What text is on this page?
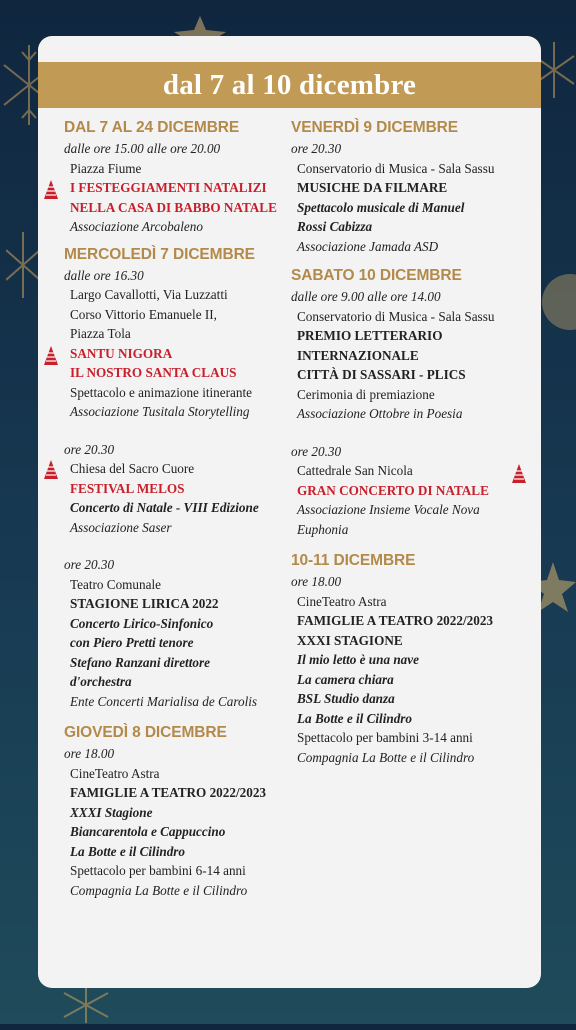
dal 7 al 10 dicembre
DAL 7 AL 24 DICEMBRE
dalle ore 15.00 alle ore 20.00
Piazza Fiume
I FESTEGGIAMENTI NATALIZI
NELLA CASA DI BABBO NATALE
Associazione Arcobaleno
MERCOLEDÌ 7 DICEMBRE
dalle ore 16.30
Largo Cavallotti, Via Luzzatti
Corso Vittorio Emanuele II,
Piazza Tola
SANTU NIGORA
IL NOSTRO SANTA CLAUS
Spettacolo e animazione itinerante
Associazione Tusitala Storytelling
ore 20.30
Chiesa del Sacro Cuore
FESTIVAL MELOS
Concerto di Natale - VIII Edizione
Associazione Saser
ore 20.30
Teatro Comunale
STAGIONE LIRICA 2022
Concerto Lirico-Sinfonico
con Piero Pretti tenore
Stefano Ranzani direttore
d'orchestra
Ente Concerti Marialisa de Carolis
GIOVEDÌ 8 DICEMBRE
ore 18.00
CineTeatro Astra
FAMIGLIE A TEATRO 2022/2023
XXXI Stagione
Biancarentola e Cappuccino
La Botte e il Cilindro
Spettacolo per bambini 6-14 anni
Compagnia La Botte e il Cilindro
VENERDÌ 9 DICEMBRE
ore 20.30
Conservatorio di Musica - Sala Sassu
MUSICHE DA FILMARE
Spettacolo musicale di Manuel
Rossi Cabizza
Associazione Jamada ASD
SABATO 10 DICEMBRE
dalle ore 9.00 alle ore 14.00
Conservatorio di Musica - Sala Sassu
PREMIO LETTERARIO
INTERNAZIONALE
CITTÀ DI SASSARI - PLICS
Cerimonia di premiazione
Associazione Ottobre in Poesia
ore 20.30
Cattedrale San Nicola
GRAN CONCERTO DI NATALE
Associazione Insieme Vocale Nova
Euphonia
10-11 DICEMBRE
ore 18.00
CineTeatro Astra
FAMIGLIE A TEATRO 2022/2023
XXXI STAGIONE
Il mio letto è una nave
La camera chiara
BSL Studio danza
La Botte e il Cilindro
Spettacolo per bambini 3-14 anni
Compagnia La Botte e il Cilindro
